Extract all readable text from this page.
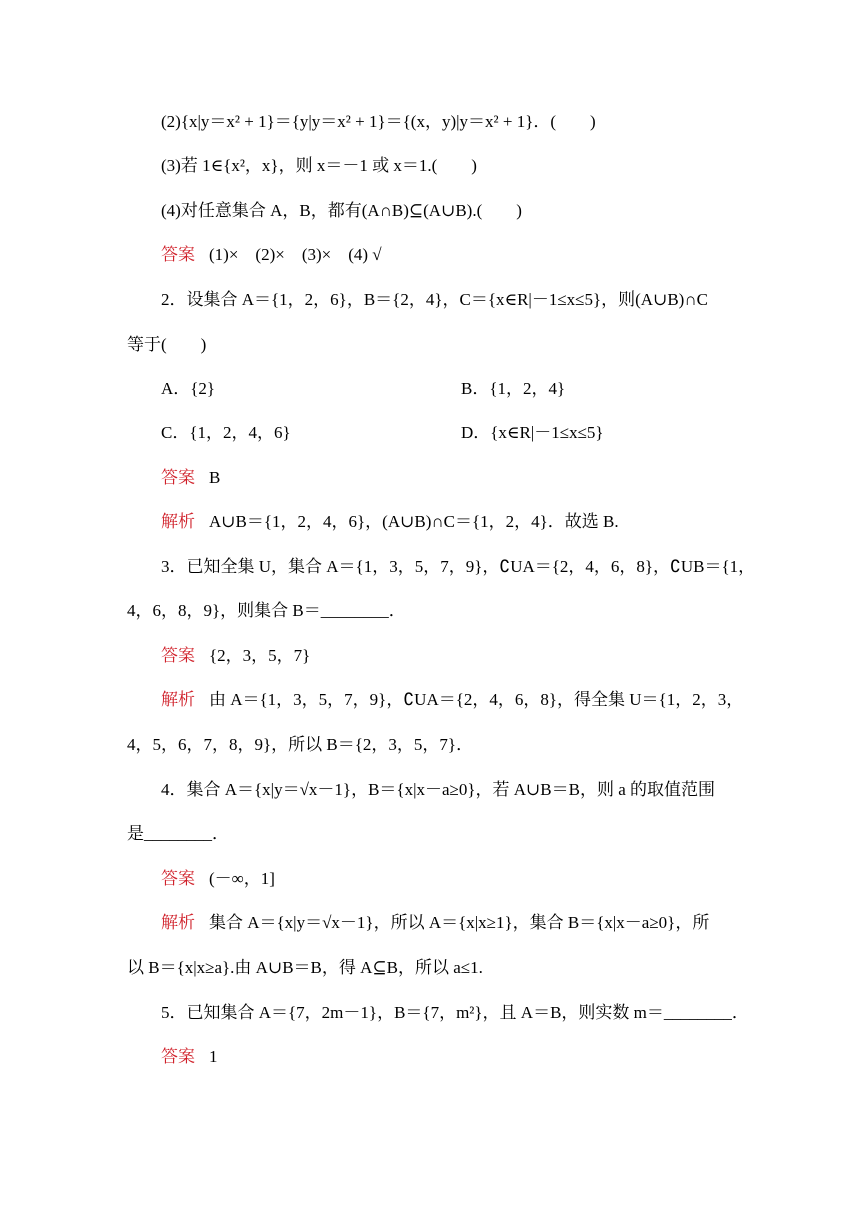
(2){x|y＝x² + 1}＝{y|y＝x² + 1}＝{(x，y)|y＝x² + 1}．(　　)
(3)若 1∈{x²，x}，则 x＝－1 或 x＝1.(　　)
(4)对任意集合 A，B，都有(A∩B)⊆(A∪B).(　　)
答案 (1)×　(2)×　(3)×　(4) √
　　2．设集合 A＝{1，2，6}，B＝{2，4}，C＝{x∈R|－1≤x≤5}，则(A∪B)∩C
等于(　　)
A．{2}	B．{1，2，4}
C．{1，2，4，6}	D．{x∈R|－1≤x≤5}
答案 B
解析 A∪B＝{1，2，4，6}，(A∪B)∩C＝{1，2，4}．故选 B.
　　3．已知全集 U，集合 A＝{1，3，5，7，9}，∁UA＝{2，4，6，8}，∁UB＝{1，
4，6，8，9}，则集合 B＝________．
答案 {2，3，5，7}
解析 由 A＝{1，3，5，7，9}，∁UA＝{2，4，6，8}，得全集 U＝{1，2，3，
4，5，6，7，8，9}，所以 B＝{2，3，5，7}．
　　4．集合 A＝{x|y＝√x－1}，B＝{x|x－a≥0}，若 A∪B＝B，则 a 的取值范围
是________．
答案 (－∞，1]
解析 集合 A＝{x|y＝√x－1}，所以 A＝{x|x≥1}，集合 B＝{x|x－a≥0}，所
以 B＝{x|x≥a}.由 A∪B＝B，得 A⊆B，所以 a≤1.
　　5．已知集合 A＝{7，2m－1}，B＝{7，m²}，且 A＝B，则实数 m＝________．
答案 1
